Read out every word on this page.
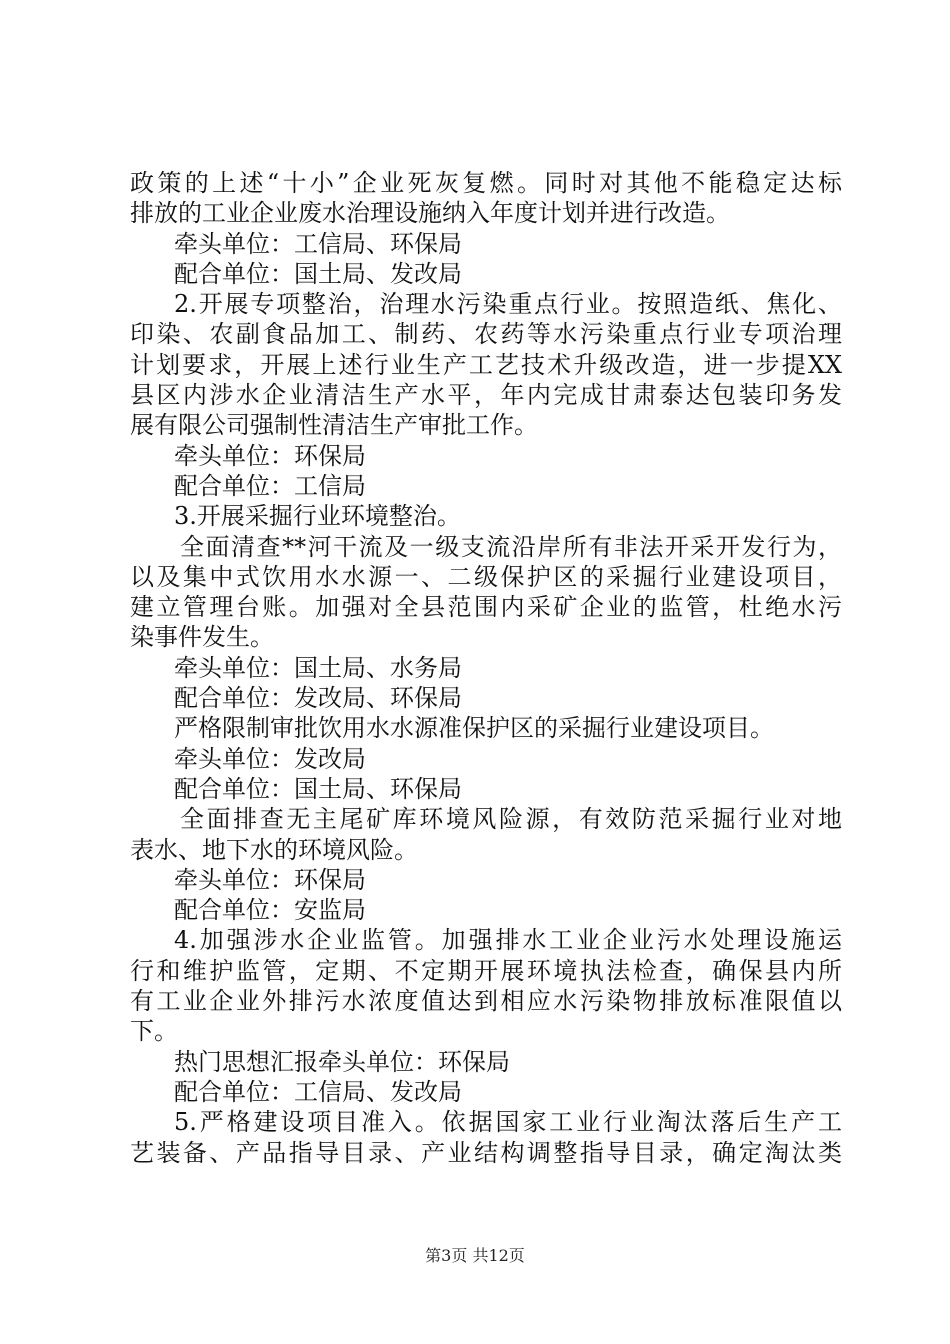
政策的上述“十小”企业死灰复燃。同时对其他不能稳定达标
排放的工业企业废水治理设施纳入年度计划并进行改造。
牵头单位：工信局、环保局
配合单位：国土局、发改局
2.开展专项整治，治理水污染重点行业。按照造纸、焦化、
印染、农副食品加工、制药、农药等水污染重点行业专项治理
计划要求，开展上述行业生产工艺技术升级改造，进一步提XX
县区内涉水企业清洁生产水平，年内完成甘肃泰达包装印务发
展有限公司强制性清洁生产审批工作。
牵头单位：环保局
配合单位：工信局
3.开展采掘行业环境整治。
全面清查**河干流及一级支流沿岸所有非法开采开发行为，
以及集中式饮用水水源一、二级保护区的采掘行业建设项目，
建立管理台账。加强对全县范围内采矿企业的监管，杜绝水污
染事件发生。
牵头单位：国土局、水务局
配合单位：发改局、环保局
严格限制审批饮用水水源准保护区的采掘行业建设项目。
牵头单位：发改局
配合单位：国土局、环保局
全面排查无主尾矿库环境风险源，有效防范采掘行业对地
表水、地下水的环境风险。
牵头单位：环保局
配合单位：安监局
4.加强涉水企业监管。加强排水工业企业污水处理设施运
行和维护监管，定期、不定期开展环境执法检查，确保县内所
有工业企业外排污水浓度值达到相应水污染物排放标准限值以
下。
热门思想汇报牵头单位：环保局
配合单位：工信局、发改局
5.严格建设项目准入。依据国家工业行业淘汰落后生产工
艺装备、产品指导目录、产业结构调整指导目录，确定淘汰类
第3页 共12页
